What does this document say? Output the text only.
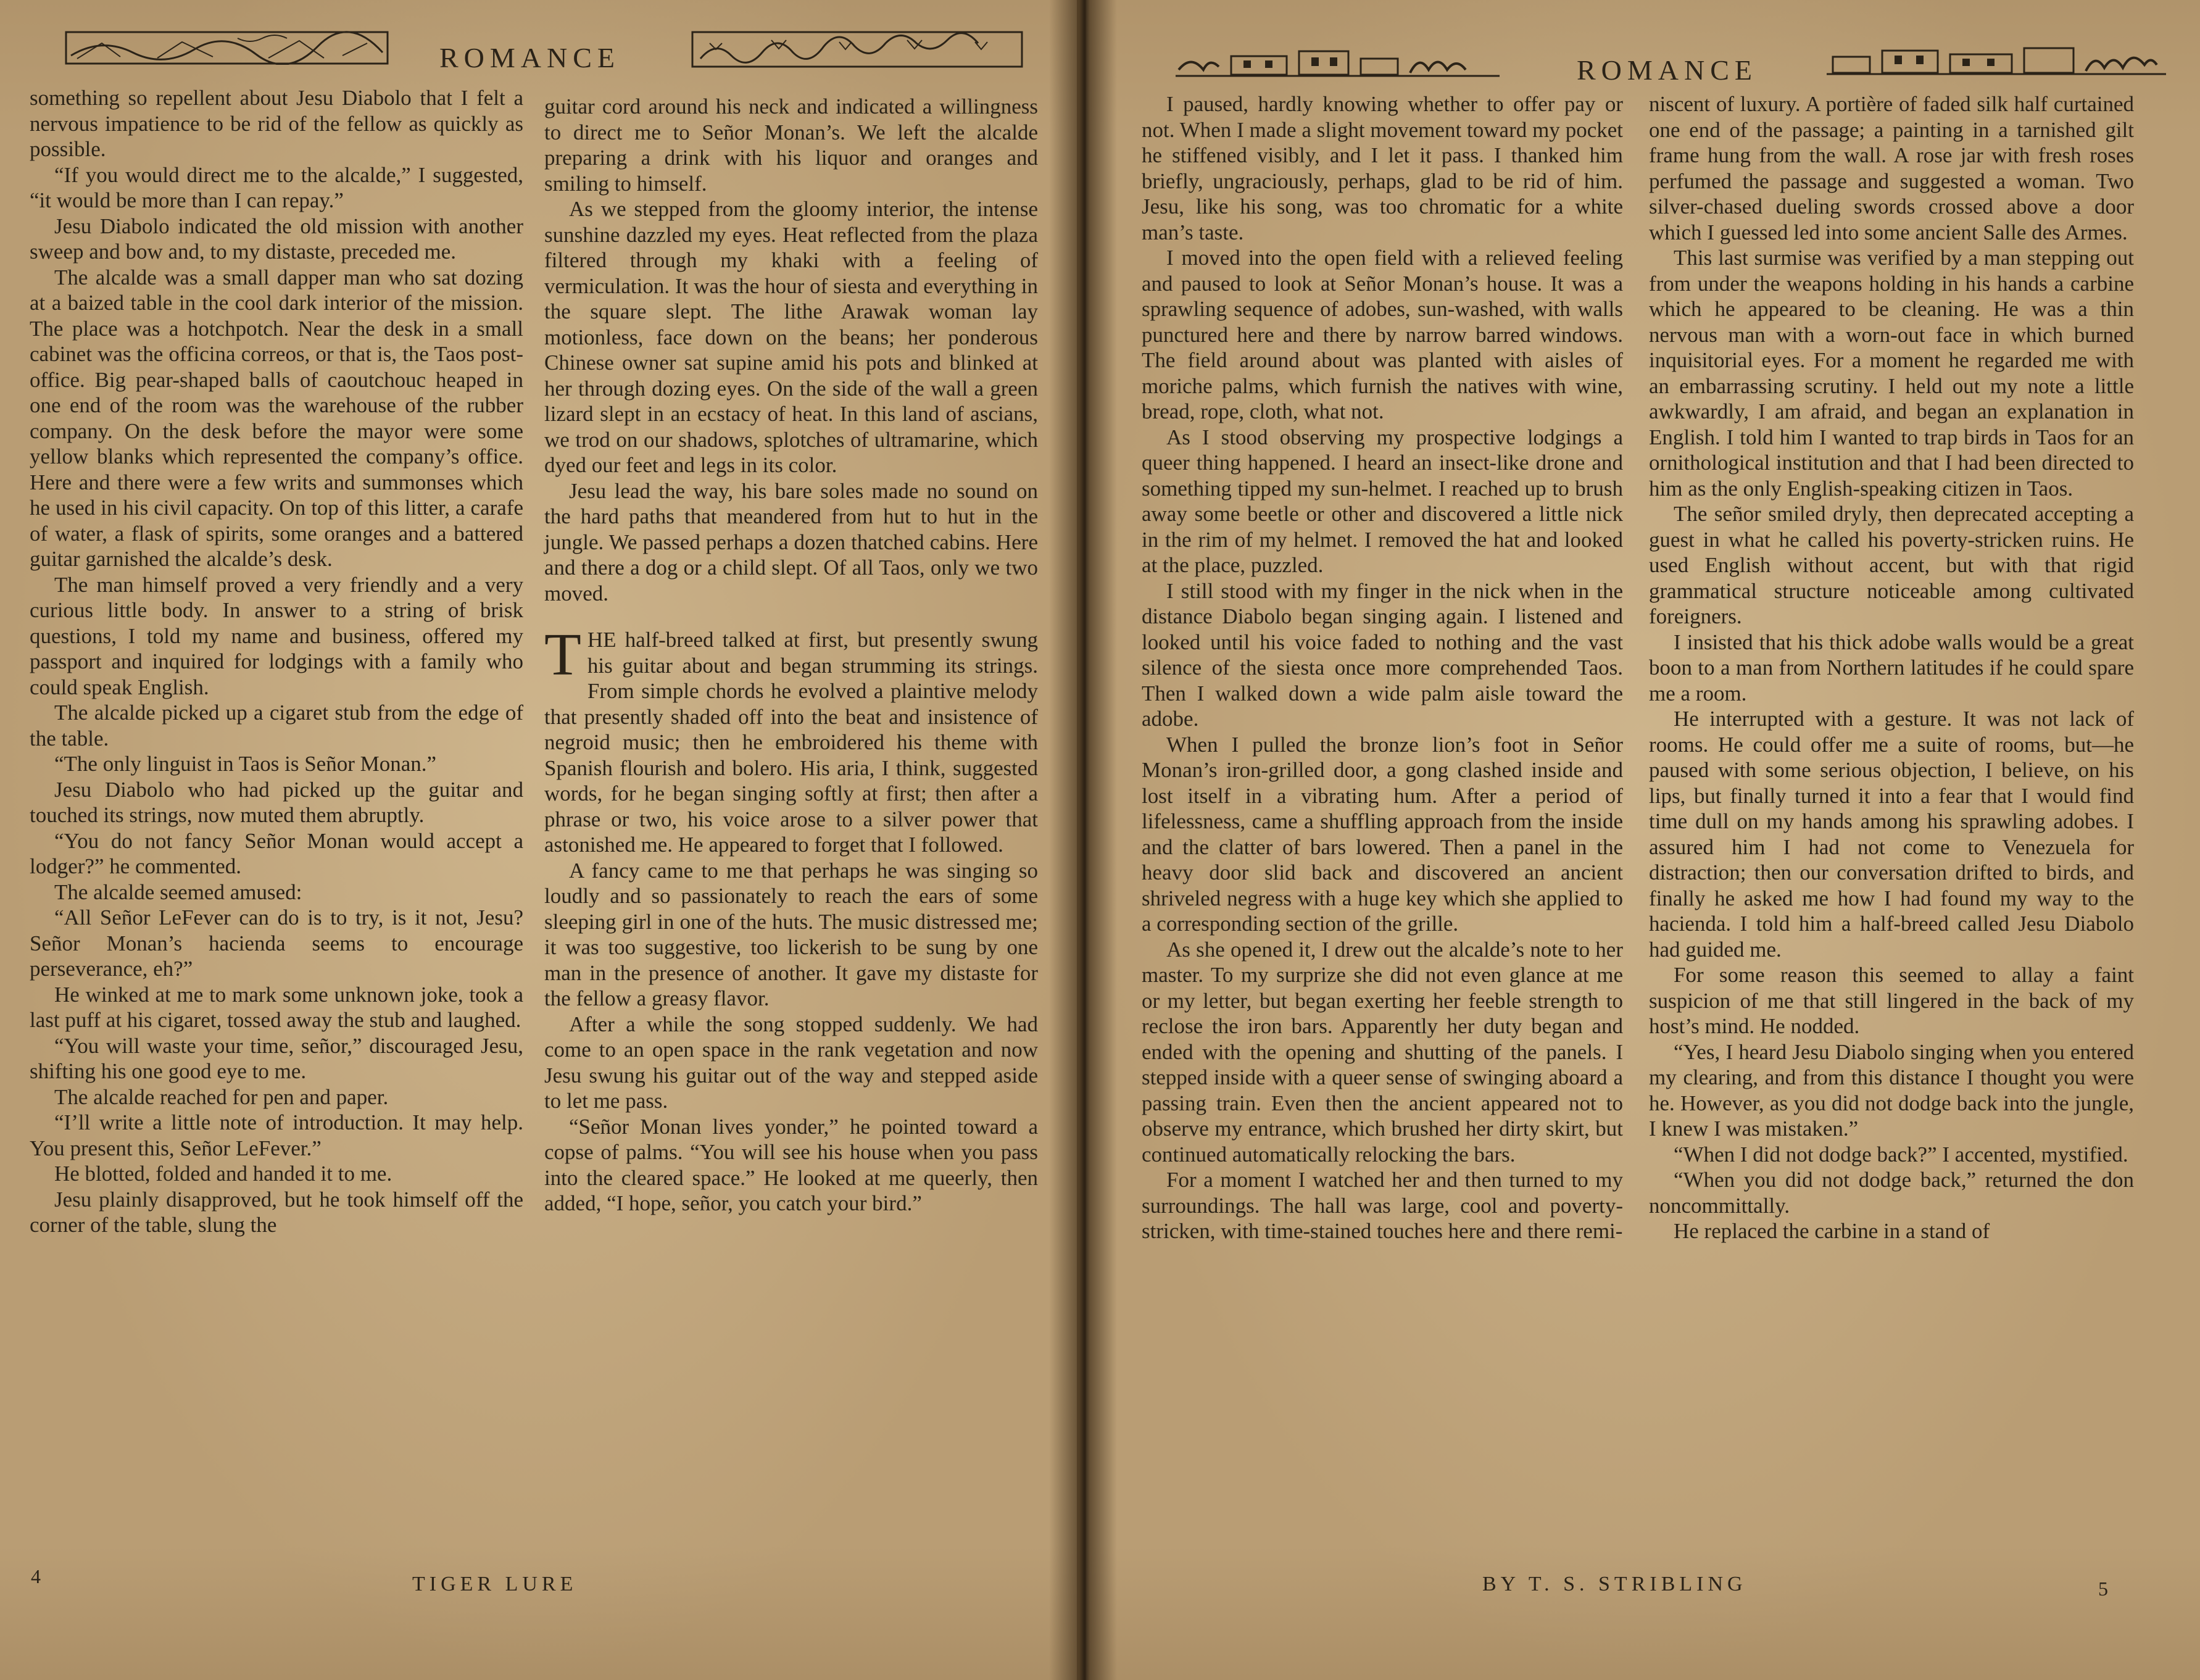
ROMANCE

something so repellent about Jesu Diabolo that I felt a nervous impatience to be rid of the fellow as quickly as possible.

“If you would direct me to the alcalde,” I suggested, “it would be more than I can repay.”

Jesu Diabolo indicated the old mission with another sweep and bow and, to my distaste, preceded me.

The alcalde was a small dapper man who sat dozing at a baized table in the cool dark interior of the mission. The place was a hotchpotch. Near the desk in a small cabinet was the officina correos, or that is, the Taos post-office. Big pear-shaped balls of caoutchouc heaped in one end of the room was the warehouse of the rubber company. On the desk before the mayor were some yellow blanks which represented the company’s office. Here and there were a few writs and summonses which he used in his civil capacity. On top of this litter, a carafe of water, a flask of spirits, some oranges and a battered guitar garnished the alcalde’s desk.

The man himself proved a very friendly and a very curious little body. In answer to a string of brisk questions, I told my name and business, offered my passport and inquired for lodgings with a family who could speak English.

The alcalde picked up a cigaret stub from the edge of the table.

“The only linguist in Taos is Señor Monan.”

Jesu Diabolo who had picked up the guitar and touched its strings, now muted them abruptly.

“You do not fancy Señor Monan would accept a lodger?” he commented.

The alcalde seemed amused:

“All Señor LeFever can do is to try, is it not, Jesu? Señor Monan’s hacienda seems to encourage perseverance, eh?”

He winked at me to mark some unknown joke, took a last puff at his cigaret, tossed away the stub and laughed.

“You will waste your time, señor,” discouraged Jesu, shifting his one good eye to me.

The alcalde reached for pen and paper.

“I’ll write a little note of introduction. It may help. You present this, Señor LeFever.”

He blotted, folded and handed it to me.

Jesu plainly disapproved, but he took himself off the corner of the table, slung the

guitar cord around his neck and indicated a willingness to direct me to Señor Monan’s. We left the alcalde preparing a drink with his liquor and oranges and smiling to himself.

As we stepped from the gloomy interior, the intense sunshine dazzled my eyes. Heat reflected from the plaza filtered through my khaki with a feeling of vermiculation. It was the hour of siesta and everything in the square slept. The lithe Arawak woman lay motionless, face down on the beans; her ponderous Chinese owner sat supine amid his pots and blinked at her through dozing eyes. On the side of the wall a green lizard slept in an ecstacy of heat. In this land of ascians, we trod on our shadows, splotches of ultramarine, which dyed our feet and legs in its color.

Jesu lead the way, his bare soles made no sound on the hard paths that meandered from hut to hut in the jungle. We passed perhaps a dozen thatched cabins. Here and there a dog or a child slept. Of all Taos, only we two moved.

THE half-breed talked at first, but presently swung his guitar about and began strumming its strings. From simple chords he evolved a plaintive melody that presently shaded off into the beat and insistence of negroid music; then he embroidered his theme with Spanish flourish and bolero. His aria, I think, suggested words, for he began singing softly at first; then after a phrase or two, his voice arose to a silver power that astonished me. He appeared to forget that I followed.

A fancy came to me that perhaps he was singing so loudly and so passionately to reach the ears of some sleeping girl in one of the huts. The music distressed me; it was too suggestive, too lickerish to be sung by one man in the presence of another. It gave my distaste for the fellow a greasy flavor.

After a while the song stopped suddenly. We had come to an open space in the rank vegetation and now Jesu swung his guitar out of the way and stepped aside to let me pass.

“Señor Monan lives yonder,” he pointed toward a copse of palms. “You will see his house when you pass into the cleared space.” He looked at me queerly, then added, “I hope, señor, you catch your bird.”

4	TIGER LURE
ROMANCE

I paused, hardly knowing whether to offer pay or not. When I made a slight movement toward my pocket he stiffened visibly, and I let it pass. I thanked him briefly, ungraciously, perhaps, glad to be rid of him. Jesu, like his song, was too chromatic for a white man’s taste.

I moved into the open field with a relieved feeling and paused to look at Señor Monan’s house. It was a sprawling sequence of adobes, sun-washed, with walls punctured here and there by narrow barred windows. The field around about was planted with aisles of moriche palms, which furnish the natives with wine, bread, rope, cloth, what not.

As I stood observing my prospective lodgings a queer thing happened. I heard an insect-like drone and something tipped my sun-helmet. I reached up to brush away some beetle or other and discovered a little nick in the rim of my helmet. I removed the hat and looked at the place, puzzled.

I still stood with my finger in the nick when in the distance Diabolo began singing again. I listened and looked until his voice faded to nothing and the vast silence of the siesta once more comprehended Taos. Then I walked down a wide palm aisle toward the adobe.

When I pulled the bronze lion’s foot in Señor Monan’s iron-grilled door, a gong clashed inside and lost itself in a vibrating hum. After a period of lifelessness, came a shuffling approach from the inside and the clatter of bars lowered. Then a panel in the heavy door slid back and discovered an ancient shriveled negress with a huge key which she applied to a corresponding section of the grille.

As she opened it, I drew out the alcalde’s note to her master. To my surprize she did not even glance at me or my letter, but began exerting her feeble strength to reclose the iron bars. Apparently her duty began and ended with the opening and shutting of the panels. I stepped inside with a queer sense of swinging aboard a passing train. Even then the ancient appeared not to observe my entrance, which brushed her dirty skirt, but continued automatically relocking the bars.

For a moment I watched her and then turned to my surroundings. The hall was large, cool and poverty-stricken, with time-stained touches here and there remi-

niscent of luxury. A portière of faded silk half curtained one end of the passage; a painting in a tarnished gilt frame hung from the wall. A rose jar with fresh roses perfumed the passage and suggested a woman. Two silver-chased dueling swords crossed above a door which I guessed led into some ancient Salle des Armes.

This last surmise was verified by a man stepping out from under the weapons holding in his hands a carbine which he appeared to be cleaning. He was a thin nervous man with a worn-out face in which burned inquisitorial eyes. For a moment he regarded me with an embarrassing scrutiny. I held out my note a little awkwardly, I am afraid, and began an explanation in English. I told him I wanted to trap birds in Taos for an ornithological institution and that I had been directed to him as the only English-speaking citizen in Taos.

The señor smiled dryly, then deprecated accepting a guest in what he called his poverty-stricken ruins. He used English without accent, but with that rigid grammatical structure noticeable among cultivated foreigners.

I insisted that his thick adobe walls would be a great boon to a man from Northern latitudes if he could spare me a room.

He interrupted with a gesture. It was not lack of rooms. He could offer me a suite of rooms, but—he paused with some serious objection, I believe, on his lips, but finally turned it into a fear that I would find time dull on my hands among his sprawling adobes. I assured him I had not come to Venezuela for distraction; then our conversation drifted to birds, and finally he asked me how I had found my way to the hacienda. I told him a half-breed called Jesu Diabolo had guided me.

For some reason this seemed to allay a faint suspicion of me that still lingered in the back of my host’s mind. He nodded.

“Yes, I heard Jesu Diabolo singing when you entered my clearing, and from this distance I thought you were he. However, as you did not dodge back into the jungle, I knew I was mistaken.”

“When I did not dodge back?” I accented, mystified.

“When you did not dodge back,” returned the don noncommittally.

He replaced the carbine in a stand of

BY T. S. STRIBLING	5
